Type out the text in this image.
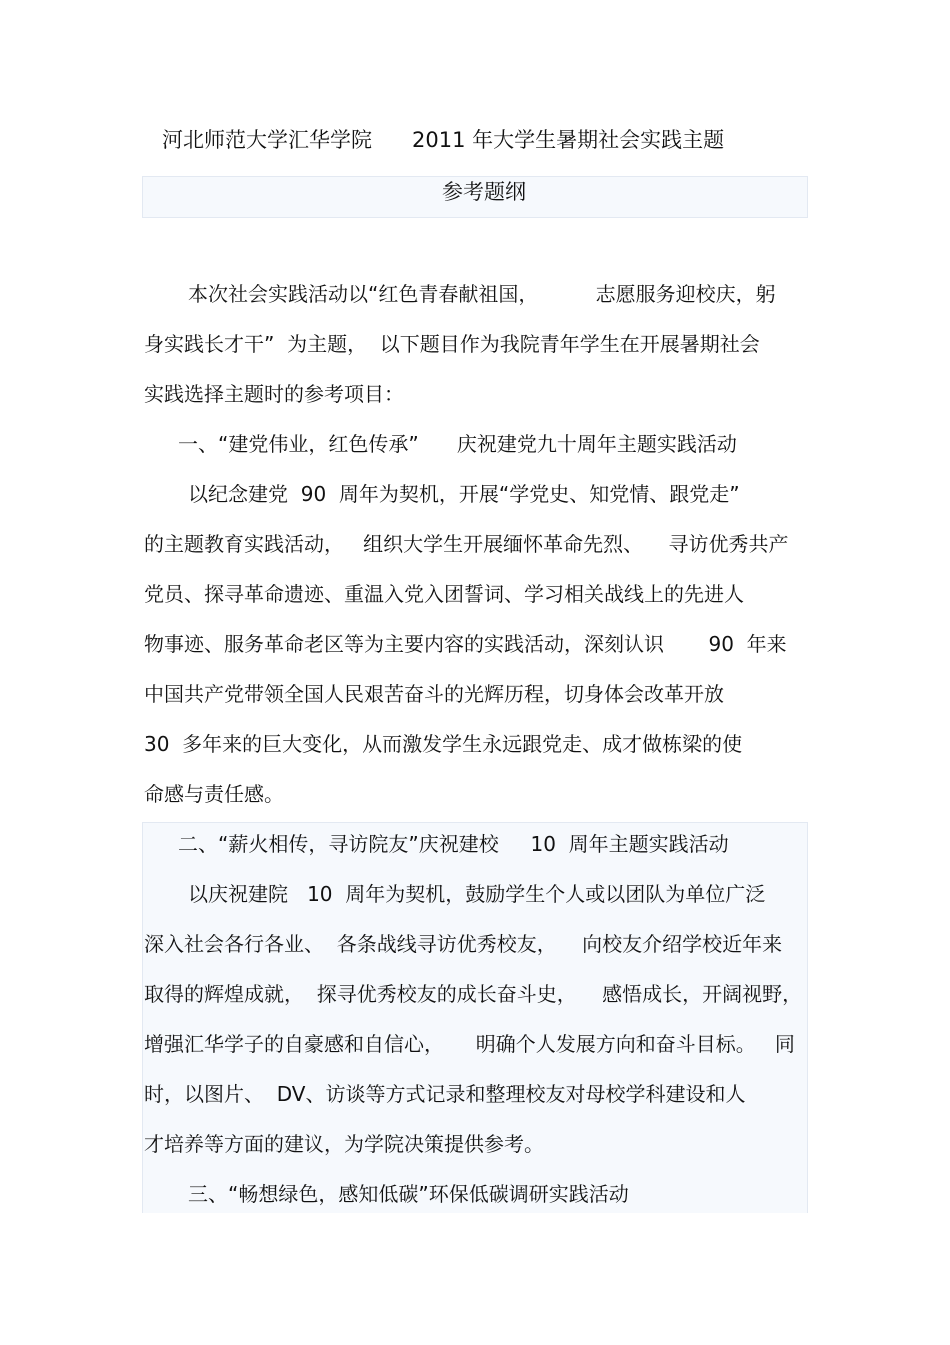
河北师范大学汇华学院      2011 年大学生暑期社会实践主题
参考题纲
本次社会实践活动以“红色青春献祖国，         志愿服务迎校庆，躬
身实践长才干”  为主题，  以下题目作为我院青年学生在开展暑期社会
实践选择主题时的参考项目：
一、“建党伟业，红色传承”      庆祝建党九十周年主题实践活动
以纪念建党  90  周年为契机，开展“学党史、知党情、跟党走”
的主题教育实践活动，   组织大学生开展缅怀革命先烈、    寻访优秀共产
党员、探寻革命遗迹、重温入党入团誓词、学习相关战线上的先进人
物事迹、服务革命老区等为主要内容的实践活动，深刻认识       90  年来
中国共产党带领全国人民艰苦奋斗的光辉历程，切身体会改革开放
30  多年来的巨大变化，从而激发学生永远跟党走、成才做栋梁的使
命感与责任感。
二、“薪火相传，寻访院友”庆祝建校     10  周年主题实践活动
以庆祝建院   10  周年为契机，鼓励学生个人或以团队为单位广泛
深入社会各行各业、  各条战线寻访优秀校友，    向校友介绍学校近年来
取得的辉煌成就，  探寻优秀校友的成长奋斗史，    感悟成长，开阔视野，
增强汇华学子的自豪感和自信心，     明确个人发展方向和奋斗目标。   同
时，以图片、  DV、访谈等方式记录和整理校友对母校学科建设和人
才培养等方面的建议，为学院决策提供参考。
三、“畅想绿色，感知低碳”环保低碳调研实践活动
